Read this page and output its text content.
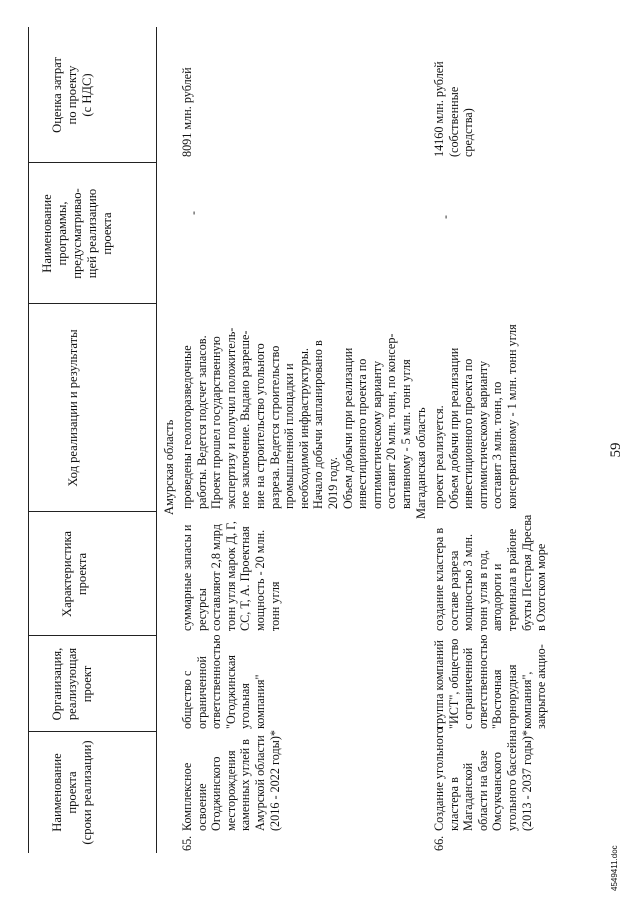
Наименование проекта (сроки реализации)
Организация, реализующая проект
Характеристика проекта
Ход реализации и результаты
Наименование программы, предусматривао- щей реализацию проекта
Оценка затрат по проекту (с НДС)
Амурская область
65.
Комплексное освоение Огоджинского месторождения каменных углей в Амурской области (2016 - 2022 годы)*
общество с ограниченной ответственностью "Огоджинская угольная компания"
суммарные запасы и ресурсы составляют 2,8 млрд тонн угля марок Д, Г, СС, Т, А. Проектная мощность - 20 млн. тонн угля
проведены геологоразведочные работы. Ведется подсчет запасов. Проект прошел государственную экспертизу и получил положитель- ное заключение. Выдано разреше- ние на строительство угольного разреза. Ведется строительство промышленной площадки и необходимой инфраструктуры. Начало добычи запланировано в 2019 году. Объем добычи при реализации инвестиционного проекта по оптимистическому варианту составит 20 млн. тонн, по консер- вативному - 5 млн. тонн угля
-
8091 млн. рублей
Магаданская область
66.
Создание угольного кластера в Магаданской области на базе Омсукчанского угольного бассейна (2013 - 2037 годы)*
группа компаний "ИСТ", общество с ограниченной ответственностью "Восточная горнорудная компания", закрытое акцио-
создание кластера в составе разреза мощностью 3 млн. тонн угля в год, автодороги и терминала в районе бухты Пестрая Дресва в Охотском море
проект реализуется. Объем добычи при реализации инвестиционного проекта по оптимистическому варианту составит 3 млн. тонн, по консервативному - 1 млн. тонн угля
-
14160 млн. рублей (собственные средства)
59
4549411.doc
